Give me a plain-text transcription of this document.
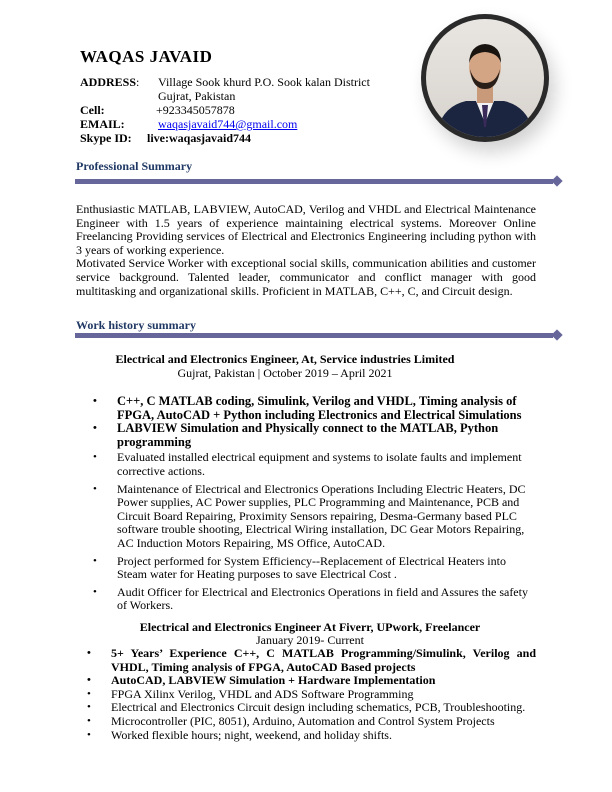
WAQAS JAVAID
ADDRESS: Village Sook khurd P.O. Sook kalan District
Gujrat, Pakistan
Cell:	+923345057878
EMAIL:	waqasjavaid744@gmail.com
Skype ID: live:waqasjavaid744
Professional Summary

Enthusiastic MATLAB, LABVIEW, AutoCAD, Verilog and VHDL and Electrical Maintenance Engineer with 1.5 years of experience maintaining electrical systems. Moreover Online Freelancing Providing services of Electrical and Electronics Engineering including python with 3 years of working experience.

Motivated Service Worker with exceptional social skills, communication abilities and customer service background. Talented leader, communicator and conflict manager with good multitasking and organizational skills. Proficient in MATLAB, C++, C, and Circuit design.

Work history summary
Electrical and Electronics Engineer, At, Service industries Limited
Gujrat, Pakistan | October 2019 – April 2021
• C++, C MATLAB coding, Simulink, Verilog and VHDL, Timing analysis of FPGA, AutoCAD + Python including Electronics and Electrical Simulations
• LABVIEW Simulation and Physically connect to the MATLAB, Python programming
• Evaluated installed electrical equipment and systems to isolate faults and implement corrective actions.
• Maintenance of Electrical and Electronics Operations Including Electric Heaters, DC Power supplies, AC Power supplies, PLC Programming and Maintenance, PCB and Circuit Board Repairing, Proximity Sensors repairing, Desma-Germany based PLC software trouble shooting, Electrical Wiring installation, DC Gear Motors Repairing, AC Induction Motors Repairing, MS Office, AutoCAD.
• Project performed for System Efficiency--Replacement of Electrical Heaters into Steam water for Heating purposes to save Electrical Cost .
• Audit Officer for Electrical and Electronics Operations in field and Assures the safety of Workers.
Electrical and Electronics Engineer At Fiverr, UPwork, Freelancer
January 2019- Current
• 5+ Years’ Experience C++, C MATLAB Programming/Simulink, Verilog and VHDL, Timing analysis of FPGA, AutoCAD Based projects
• AutoCAD, LABVIEW Simulation + Hardware Implementation
• FPGA Xilinx Verilog, VHDL and ADS Software Programming
• Electrical and Electronics Circuit design including schematics, PCB, Troubleshooting.
• Microcontroller (PIC, 8051), Arduino, Automation and Control System Projects
• Worked flexible hours; night, weekend, and holiday shifts.
